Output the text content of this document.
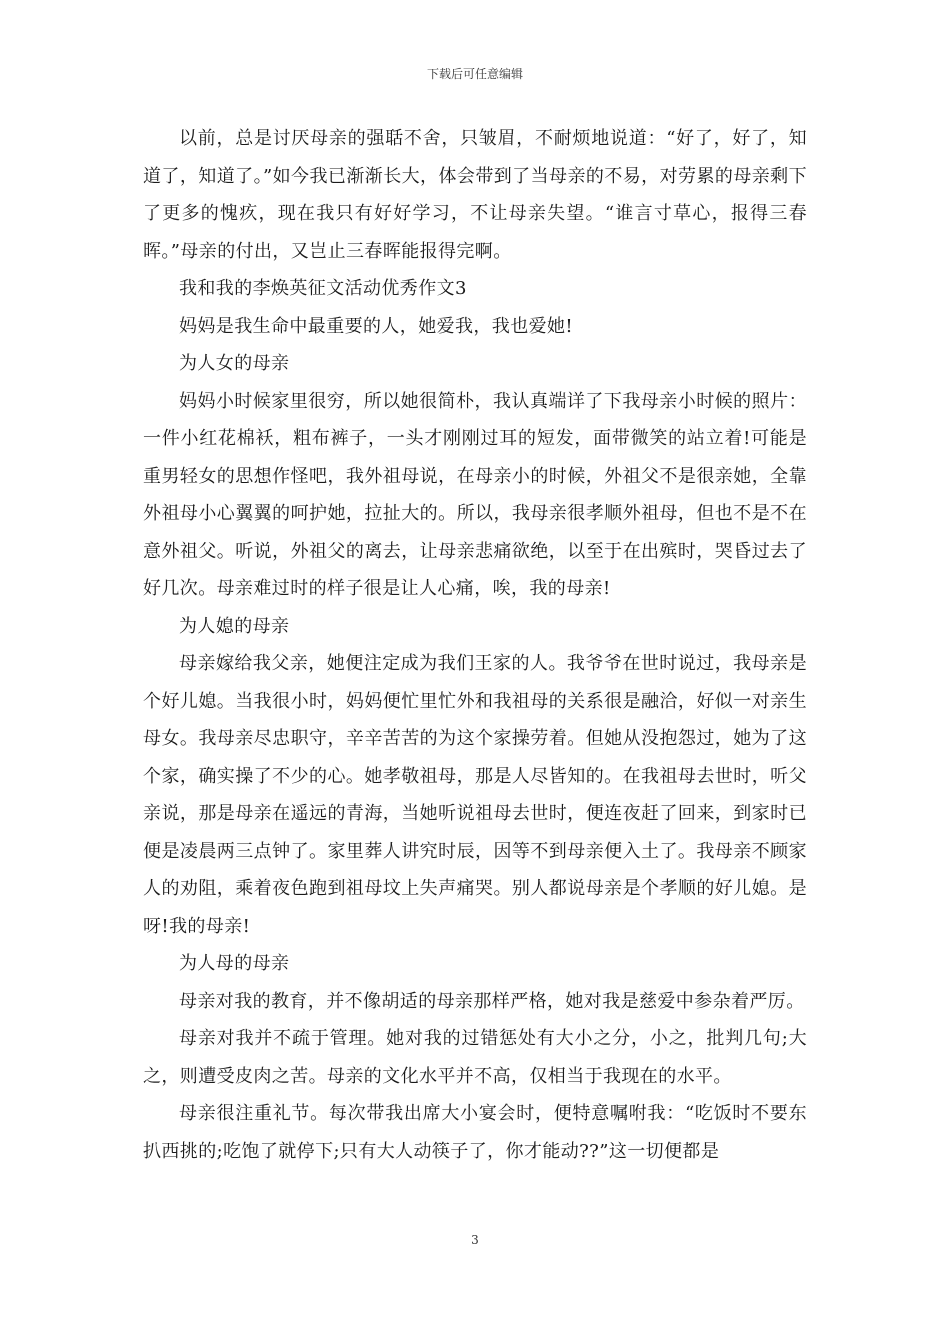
下载后可任意编辑

以前，总是讨厌母亲的强聒不舍，只皱眉，不耐烦地说道：“好了，好了，知道了，知道了。”如今我已渐渐长大，体会带到了当母亲的不易，对劳累的母亲剩下了更多的愧疚，现在我只有好好学习，不让母亲失望。“谁言寸草心，报得三春晖。”母亲的付出，又岂止三春晖能报得完啊。

我和我的李焕英征文活动优秀作文3

妈妈是我生命中最重要的人，她爱我，我也爱她!

为人女的母亲

妈妈小时候家里很穷，所以她很简朴，我认真端详了下我母亲小时候的照片：一件小红花棉袄，粗布裤子，一头才刚刚过耳的短发，面带微笑的站立着!可能是重男轻女的思想作怪吧，我外祖母说，在母亲小的时候，外祖父不是很亲她，全靠外祖母小心翼翼的呵护她，拉扯大的。所以，我母亲很孝顺外祖母，但也不是不在意外祖父。听说，外祖父的离去，让母亲悲痛欲绝，以至于在出殡时，哭昏过去了好几次。母亲难过时的样子很是让人心痛，唉，我的母亲!

为人媳的母亲

母亲嫁给我父亲，她便注定成为我们王家的人。我爷爷在世时说过，我母亲是个好儿媳。当我很小时，妈妈便忙里忙外和我祖母的关系很是融洽，好似一对亲生母女。我母亲尽忠职守，辛辛苦苦的为这个家操劳着。但她从没抱怨过，她为了这个家，确实操了不少的心。她孝敬祖母，那是人尽皆知的。在我祖母去世时，听父亲说，那是母亲在遥远的青海，当她听说祖母去世时，便连夜赶了回来，到家时已便是凌晨两三点钟了。家里葬人讲究时辰，因等不到母亲便入土了。我母亲不顾家人的劝阻，乘着夜色跑到祖母坟上失声痛哭。别人都说母亲是个孝顺的好儿媳。是呀!我的母亲!

为人母的母亲

母亲对我的教育，并不像胡适的母亲那样严格，她对我是慈爱中参杂着严厉。

母亲对我并不疏于管理。她对我的过错惩处有大小之分，小之，批判几句;大之，则遭受皮肉之苦。母亲的文化水平并不高，仅相当于我现在的水平。

母亲很注重礼节。每次带我出席大小宴会时，便特意嘱咐我：“吃饭时不要东扒西挑的;吃饱了就停下;只有大人动筷子了，你才能动??”这一切便都是

3
